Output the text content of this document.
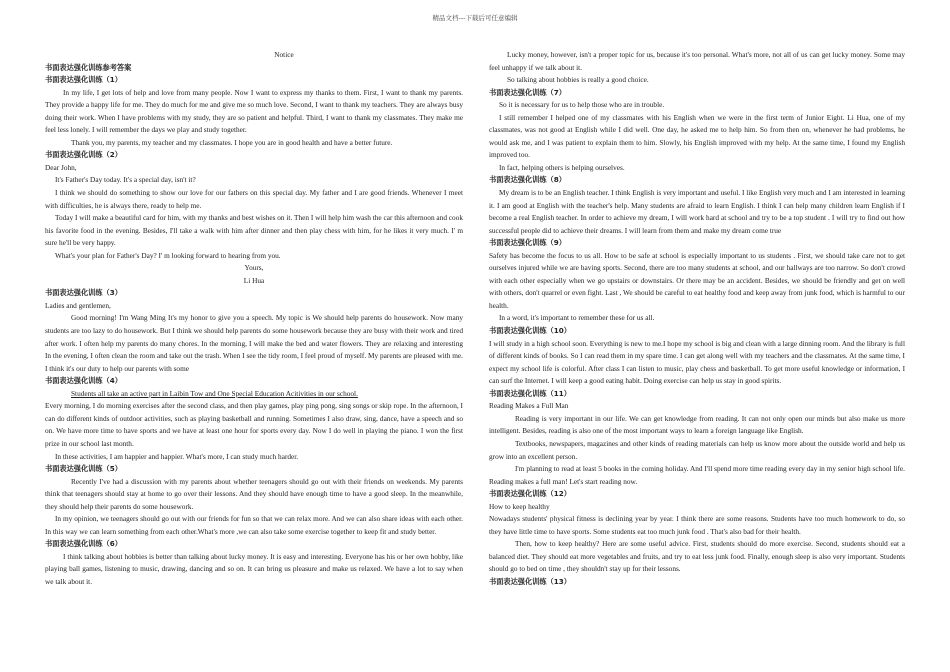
精品文档---下载后可任意编辑

Notice

书面表达强化训练参考答案

书面表达强化训练（1）

In my life, I get lots of help and love from many people. Now I want to express my thanks to them. First, I want to thank my parents. They provide a happy life for me. They do much for me and give me so much love. Second, I want to thank my teachers. They are always busy doing their work. When I have problems with my study, they are so patient and helpful. Third, I want to thank my classmates. They make me feel less lonely. I will remember the days we play and study together.

Thank you, my parents, my teacher and my classmates. I hope you are in good health and have a better future.

书面表达强化训练（2）

Dear John,

It's Father's Day today. It's a special day, isn't it?

I think we should do something to show our love for our fathers on this special day. My father and I are good friends. Whenever I meet with difficulties, he is always there, ready to help me.

Today I will make a beautiful card for him, with my thanks and best wishes on it. Then I will help him wash the car this afternoon and cook his favorite food in the evening. Besides, I'll take a walk with him after dinner and then play chess with him, for he likes it very much. I' m sure he'll be very happy.

What's your plan for Father's Day? I' m looking forward to hearing from you.

Yours,

Li Hua

书面表达强化训练（3）

Ladies and gentlemen,

Good morning! I'm Wang Ming It's my honor to give you a speech. My topic is We should help parents do housework. Now many students are too lazy to do housework. But I think we should help parents do some housework because they are busy with their work and tired after work. I often help my parents do many chores. In the morning, I will make the bed and water flowers. They are relaxing and interesting In the evening, I often clean the room and take out the trash. When I see the tidy room, I feel proud of myself. My parents are pleased with me. I think it's our duty to help our parents with some

书面表达强化训练（4）

Students all take an active part in Laibin Tow and One Special Education Acitivities in our school.

Every morning, I do morning exercises after the second class, and then play games, play ping pong, sing songs or skip rope. In the afternoon, I can do different kinds of outdoor activities, such as playing basketball and running. Sometimes I also draw, sing, dance, have a speech and so on. We have more time to have sports and we have at least one hour for sports every day. Now I do well in playing the piano. I won the first prize in our school last month.

In these activities, I am happier and happier. What's more, I can study much harder.

书面表达强化训练（5）

Recently I've had a discussion with my parents about whether teenagers should go out with their friends on weekends. My parents think that teenagers should stay at home to go over their lessons. And they should have enough time to have a good sleep. In the meanwhile, they should help their parents do some housework.

In my opinion, we teenagers should go out with our friends for fun so that we can relax more. And we can also share ideas with each other. In this way we can learn something from each other.What's more ,we can also take some exercise together to keep fit and study better.

书面表达强化训练（6）

I think talking about hobbies is better than talking about lucky money. It is easy and interesting. Everyone has his or her own hobby, like playing ball games, listening to music, drawing, dancing and so on. It can bring us pleasure and make us relaxed. We have a lot to say when we talk about it.

Lucky money, however, isn't a proper topic for us, because it's too personal. What's more, not all of us can get lucky money. Some may feel unhappy if we talk about it.

So talking about hobbies is really a good choice.

书面表达强化训练（7）

So it is necessary for us to help those who are in trouble.

I still remember I helped one of my classmates with his English when we were in the first term of Junior Eight. Li Hua, one of my classmates, was not good at English while I did well. One day, he asked me to help him. So from then on, whenever he had problems, he would ask me, and I was patient to explain them to him. Slowly, his English improved with my help. At the same time, I found my English improved too.

In fact, helping others is helping ourselves.

书面表达强化训练（8）

My dream is to be an English teacher. I think English is very important and useful. I like English very much and I am interested in learning it. I am good at English with the teacher's help. Many students are afraid to learn English. I think I can help many children learn English if I become a real English teacher. In order to achieve my dream, I will work hard at school and try to be a top student . I will try to find out how successful people did to achieve their dreams. I will learn from them and make my dream come true

书面表达强化训练（9）

Safety has become the focus to us all. How to be safe at school is especially important to us students . First, we should take care not to get ourselves injured while we are having sports. Second, there are too many students at school, and our hallways are too narrow. So don't crowd with each other especially when we go upstairs or downstairs. Or there may be an accident. Besides, we should be friendly and get on well with others, don't quarrel or even fight. Last , We should be careful to eat healthy food and keep away from junk food, which is harmful to our health.

In a word, it's important to remember these for us all.

书面表达强化训练（10）

I will study in a high school soon. Everything is new to me.I hope my school is big and clean with a large dinning room. And the library is full of different kinds of books. So I can read them in my spare time. I can get along well with my teachers and the classmates. At the same time, I expect my school life is colorful. After class I can listen to music, play chess and basketball. To get more useful knowledge or information, I can surf the Internet. I will keep a good eating habit. Doing exercise can help us stay in good spirits.

书面表达强化训练（11）

Reading Makes a Full Man

Reading is very important in our life. We can get knowledge from reading. It can not only open our minds but also make us more intelligent. Besides, reading is also one of the most important ways to learn a foreign language like English.

Textbooks, newspapers, magazines and other kinds of reading materials can help us know more about the outside world and help us grow into an excellent person.

I'm planning to read at least 5 books in the coming holiday. And I'll spend more time reading every day in my senior high school life. Reading makes a full man! Let's start reading now.

书面表达强化训练（12）

How to keep healthy

Nowadays students' physical fitness is declining year by year. I think there are some reasons. Students have too much homework to do, so they have little time to have sports. Some students eat too much junk food . That's also bad for their health.

Then, how to keep healthy? Here are some useful advice. First, students should do more exercise. Second, students should eat a balanced diet. They should eat more vegetables and fruits, and try to eat less junk food. Finally, enough sleep is also very important. Students should go to bed on time , they shouldn't stay up for their lessons.

书面表达强化训练（13）
